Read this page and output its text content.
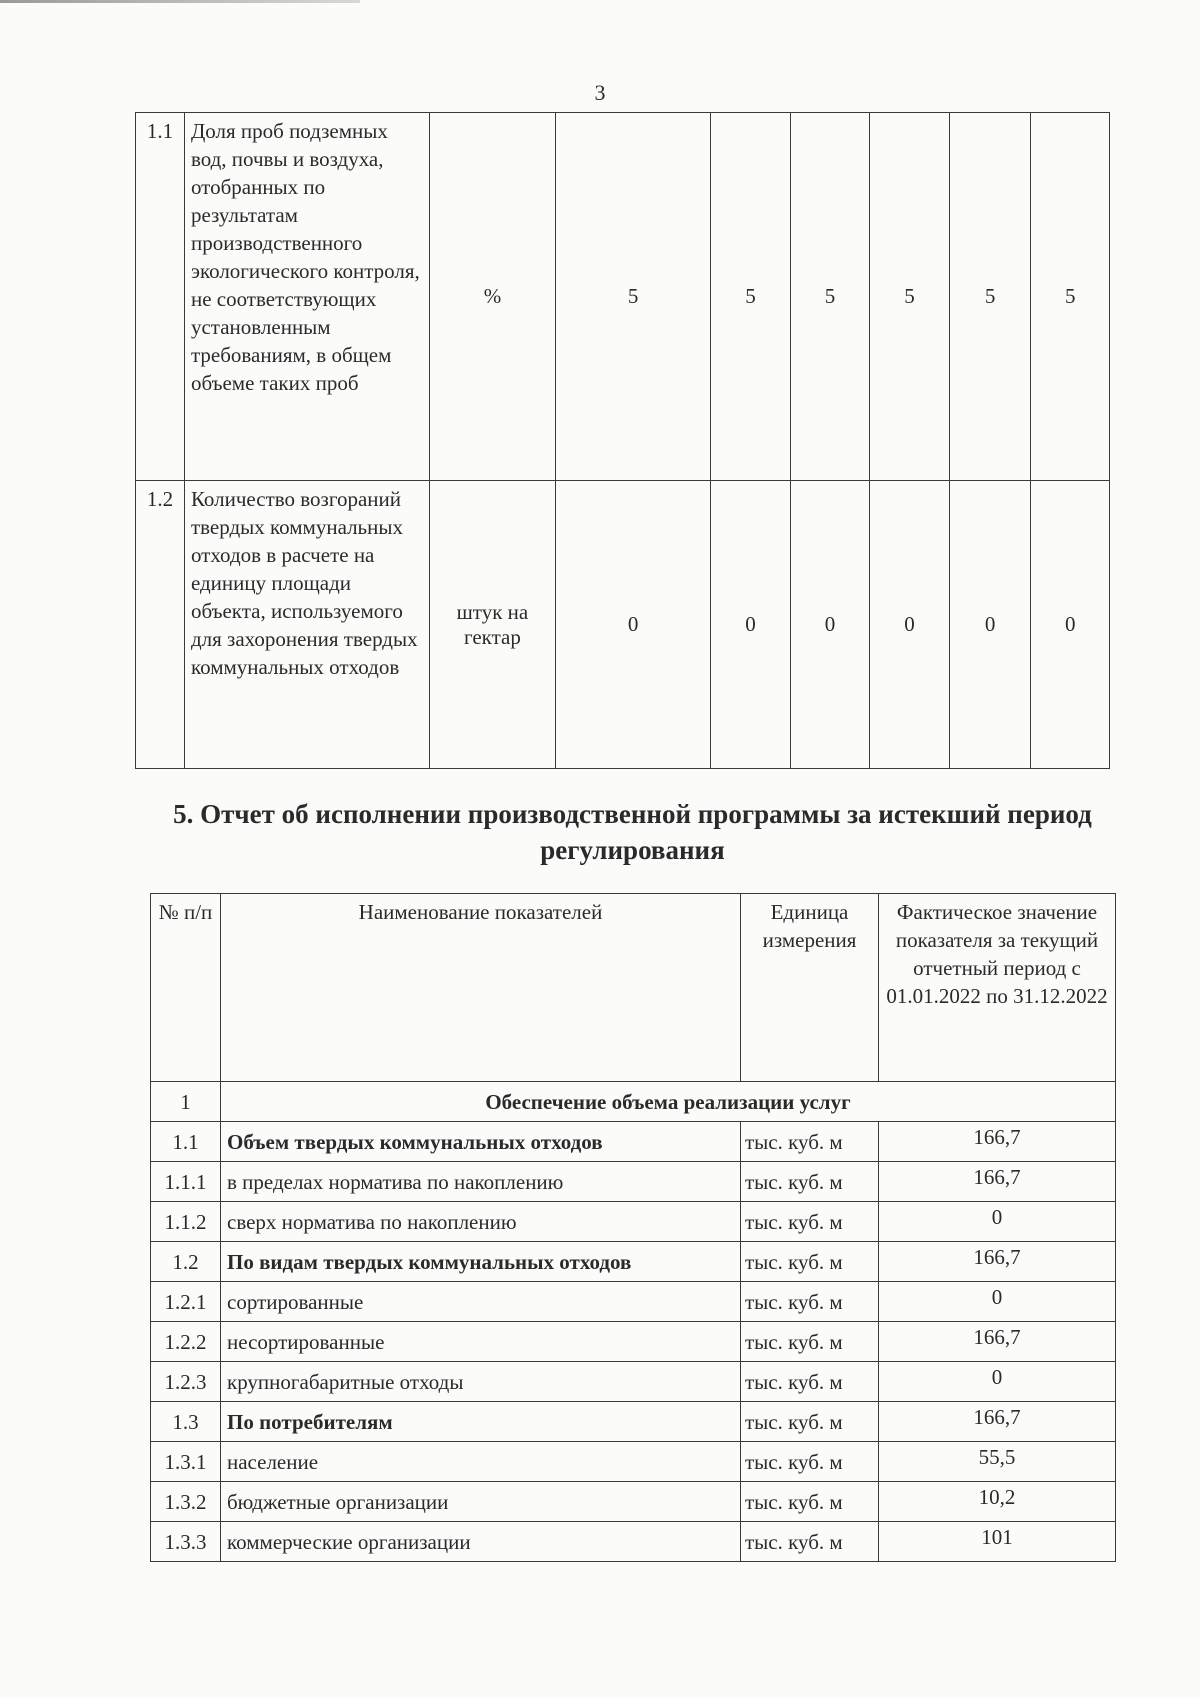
3
1.1	Доля проб подземных вод, почвы и воздуха, отобранных по результатам производственного экологического контроля, не соответствующих установленным требованиям, в общем объеме таких проб	%	5	5	5	5	5	5
1.2	Количество возгораний твердых коммунальных отходов в расчете на единицу площади объекта, используемого для захоронения твердых коммунальных отходов	штук на гектар	0	0	0	0	0	0
5. Отчет об исполнении производственной программы за истекший период
регулирования
№ п/п	Наименование показателей	Единица измерения	Фактическое значение показателя за текущий отчетный период с 01.01.2022 по 31.12.2022
1	Обеспечение объема реализации услуг		
1.1	Объем твердых коммунальных отходов	тыс. куб. м	166,7
1.1.1	в пределах норматива по накоплению	тыс. куб. м	166,7
1.1.2	сверх норматива по накоплению	тыс. куб. м	0
1.2	По видам твердых коммунальных отходов	тыс. куб. м	166,7
1.2.1	сортированные	тыс. куб. м	0
1.2.2	несортированные	тыс. куб. м	166,7
1.2.3	крупногабаритные отходы	тыс. куб. м	0
1.3	По потребителям	тыс. куб. м	166,7
1.3.1	население	тыс. куб. м	55,5
1.3.2	бюджетные организации	тыс. куб. м	10,2
1.3.3	коммерческие организации	тыс. куб. м	101
